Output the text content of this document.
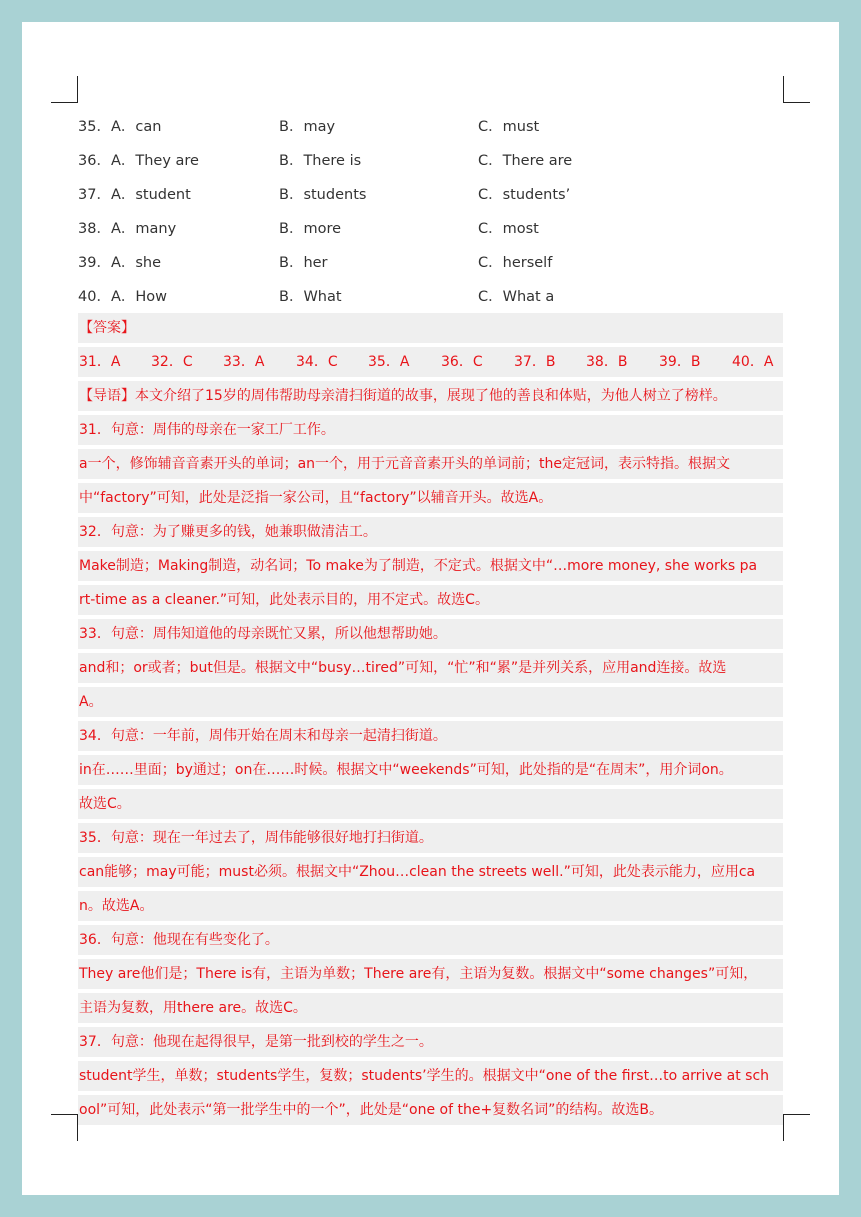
35．A．can	B．may	C．must
36．A．They are	B．There is	C．There are
37．A．student	B．students	C．students’
38．A．many	B．more	C．most
39．A．she	B．her	C．herself
40．A．How	B．What	C．What a
【答案】
31．A 32．C 33．A 34．C 35．A 36．C 37．B 38．B 39．B 40．A
【导语】本文介绍了15岁的周伟帮助母亲清扫街道的故事，展现了他的善良和体贴，为他人树立了榜样。
31．句意：周伟的母亲在一家工厂工作。
a一个，修饰辅音音素开头的单词；an一个，用于元音音素开头的单词前；the定冠词，表示特指。根据文
中“factory”可知，此处是泛指一家公司，且“factory”以辅音开头。故选A。
32．句意：为了赚更多的钱，她兼职做清洁工。
Make制造；Making制造，动名词；To make为了制造，不定式。根据文中“…more money, she works pa
rt-time as a cleaner.”可知，此处表示目的，用不定式。故选C。
33．句意：周伟知道他的母亲既忙又累，所以他想帮助她。
and和；or或者；but但是。根据文中“busy…tired”可知，“忙”和“累”是并列关系，应用and连接。故选
A。
34．句意：一年前，周伟开始在周末和母亲一起清扫街道。
in在……里面；by通过；on在……时候。根据文中“weekends”可知，此处指的是“在周末”，用介词on。
故选C。
35．句意：现在一年过去了，周伟能够很好地打扫街道。
can能够；may可能；must必须。根据文中“Zhou…clean the streets well.”可知，此处表示能力，应用ca
n。故选A。
36．句意：他现在有些变化了。
They are他们是；There is有，主语为单数；There are有，主语为复数。根据文中“some changes”可知，
主语为复数，用there are。故选C。
37．句意：他现在起得很早，是第一批到校的学生之一。
student学生，单数；students学生，复数；students’学生的。根据文中“one of the first…to arrive at sch
ool”可知，此处表示“第一批学生中的一个”，此处是“one of the+复数名词”的结构。故选B。
